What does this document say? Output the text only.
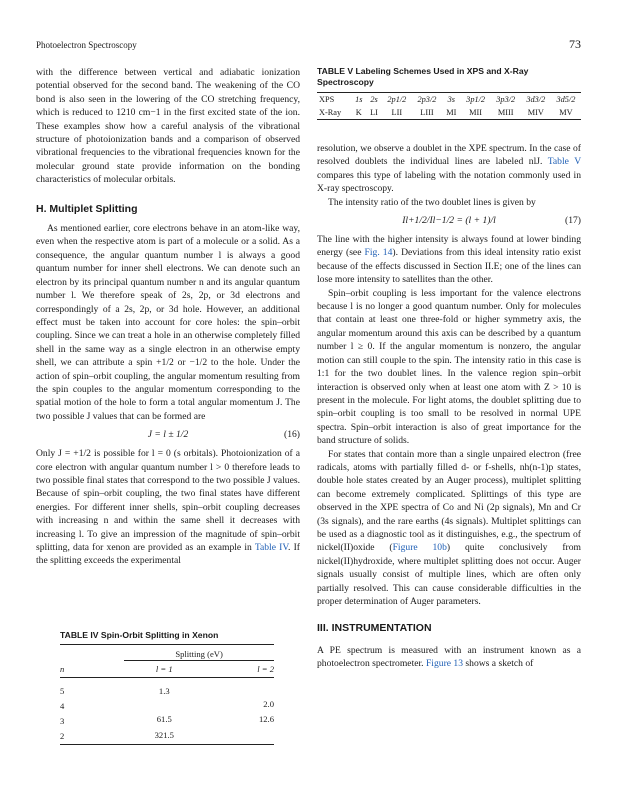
Photoelectron Spectroscopy	73

with the difference between vertical and adiabatic ionization potential observed for the second band. The weakening of the CO bond is also seen in the lowering of the CO stretching frequency, which is reduced to 1210 cm−1 in the first excited state of the ion. These examples show how a careful analysis of the vibrational structure of photoionization bands and a comparison of observed vibrational frequencies to the vibrational frequencies known for the molecular ground state provide information on the bonding characteristics of molecular orbitals.

H. Multiplet Splitting

As mentioned earlier, core electrons behave in an atom-like way, even when the respective atom is part of a molecule or a solid. As a consequence, the angular quantum number l is always a good quantum number for inner shell electrons. We can denote such an electron by its principal quantum number n and its angular quantum number l. We therefore speak of 2s, 2p, or 3d electrons and correspondingly of a 2s, 2p, or 3d hole. However, an additional effect must be taken into account for core holes: the spin–orbit coupling. Since we can treat a hole in an otherwise completely filled shell in the same way as a single electron in an otherwise empty shell, we can attribute a spin +1/2 or −1/2 to the hole. Under the action of spin–orbit coupling, the angular momentum resulting from the spin couples to the angular momentum corresponding to the spatial motion of the hole to form a total angular momentum J. The two possible J values that can be formed are

J = l ± 1/2	(16)

Only J = +1/2 is possible for l = 0 (s orbitals). Photoionization of a core electron with angular quantum number l > 0 therefore leads to two possible final states that correspond to the two possible J values. Because of spin–orbit coupling, the two final states have different energies. For different inner shells, spin–orbit coupling decreases with increasing n and within the same shell it decreases with increasing l. To give an impression of the magnitude of spin–orbit splitting, data for xenon are provided as an example in Table IV. If the splitting exceeds the experimental

TABLE IV Spin-Orbit Splitting in Xenon
	Splitting (eV)	
n	l = 1	l = 2
5	1.3	
4		2.0
3	61.5	12.6
2	321.5	
TABLE V Labeling Schemes Used in XPS and X-Ray Spectroscopy
XPS	1s	2s	2p1/2	2p3/2	3s	3p1/2	3p3/2	3d3/2	3d5/2
X-Ray	K	LI	LII	LIII	MI	MII	MIII	MIV	MV

resolution, we observe a doublet in the XPE spectrum. In the case of resolved doublets the individual lines are labeled nlJ. Table V compares this type of labeling with the notation commonly used in X-ray spectroscopy.

The intensity ratio of the two doublet lines is given by

Il+1/2/Il−1/2 = (l + 1)/l	(17)

The line with the higher intensity is always found at lower binding energy (see Fig. 14). Deviations from this ideal intensity ratio exist because of the effects discussed in Section II.E; one of the lines can lose more intensity to satellites than the other.

Spin–orbit coupling is less important for the valence electrons because l is no longer a good quantum number. Only for molecules that contain at least one three-fold or higher symmetry axis, the angular momentum around this axis can be described by a quantum number l ≥ 0. If the angular momentum is nonzero, the angular motion can still couple to the spin. The intensity ratio in this case is 1:1 for the two doublet lines. In the valence region spin–orbit interaction is observed only when at least one atom with Z > 10 is present in the molecule. For light atoms, the doublet splitting due to spin–orbit coupling is too small to be resolved in normal UPE spectra. Spin–orbit interaction is also of great importance for the band structure of solids.

For states that contain more than a single unpaired electron (free radicals, atoms with partially filled d- or f-shells, nh(n-1)p states, double hole states created by an Auger process), multiplet splitting can become extremely complicated. Splittings of this type are observed in the XPE spectra of Co and Ni (2p signals), Mn and Cr (3s signals), and the rare earths (4s signals). Multiplet splittings can be used as a diagnostic tool as it distinguishes, e.g., the spectrum of nickel(II)oxide (Figure 10b) quite conclusively from nickel(II)hydroxide, where multiplet splitting does not occur. Auger signals usually consist of multiple lines, which are often only partially resolved. This can cause considerable difficulties in the proper determination of Auger parameters.

III. INSTRUMENTATION

A PE spectrum is measured with an instrument known as a photoelectron spectrometer. Figure 13 shows a sketch of
